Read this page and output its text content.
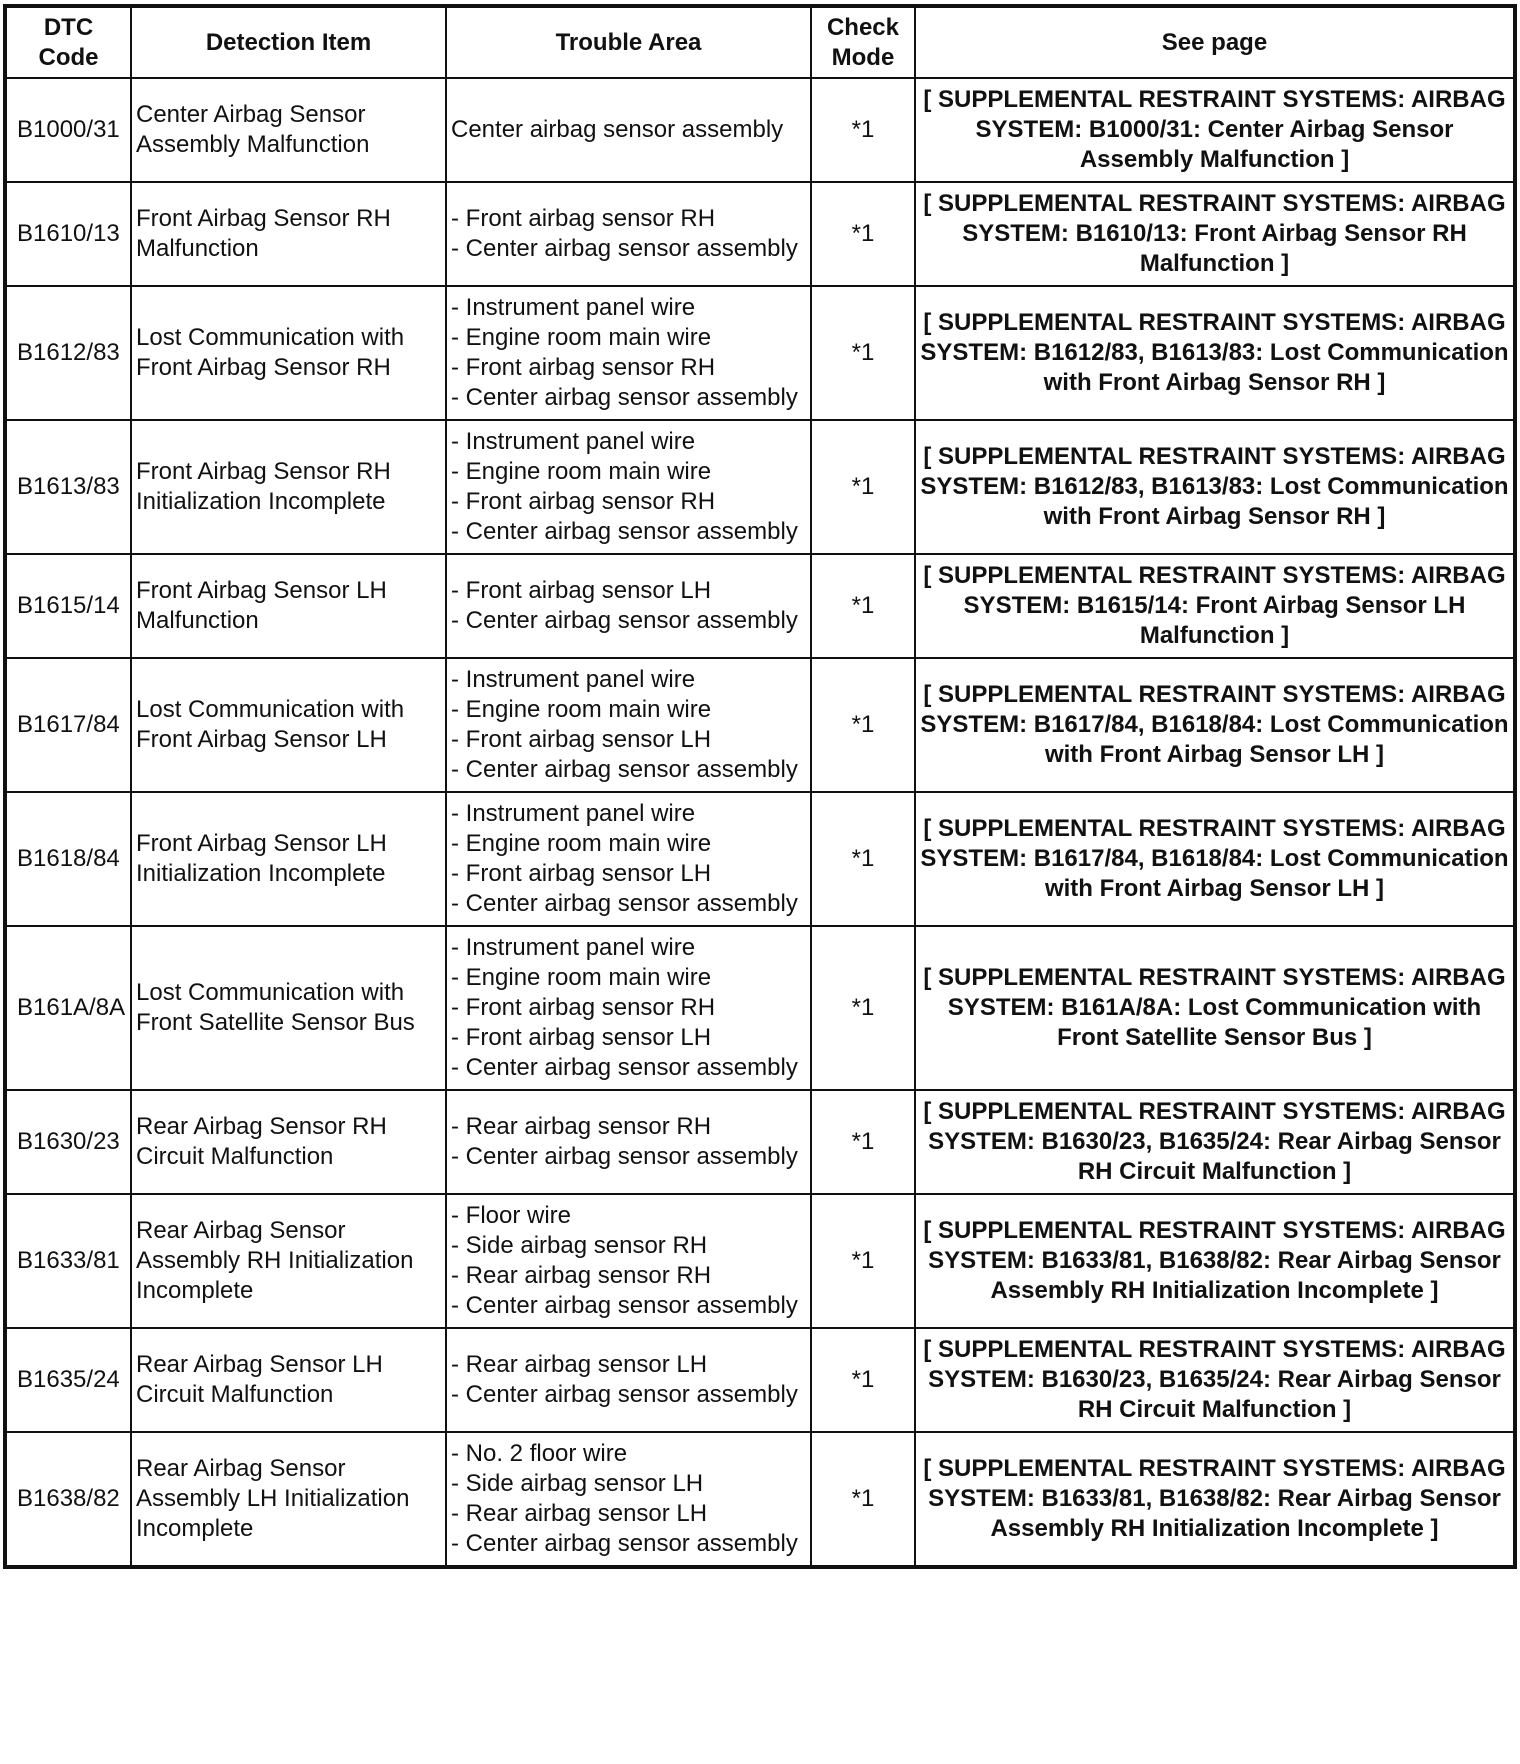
DTC Code	Detection Item	Trouble Area	Check Mode	See page
B1000/31	Center Airbag Sensor Assembly Malfunction	Center airbag sensor assembly	*1	[ SUPPLEMENTAL RESTRAINT SYSTEMS: AIRBAG SYSTEM: B1000/31: Center Airbag Sensor Assembly Malfunction ]
B1610/13	Front Airbag Sensor RH Malfunction	- Front airbag sensor RH
- Center airbag sensor assembly	*1	[ SUPPLEMENTAL RESTRAINT SYSTEMS: AIRBAG SYSTEM: B1610/13: Front Airbag Sensor RH Malfunction ]
B1612/83	Lost Communication with Front Airbag Sensor RH	- Instrument panel wire
- Engine room main wire
- Front airbag sensor RH
- Center airbag sensor assembly	*1	[ SUPPLEMENTAL RESTRAINT SYSTEMS: AIRBAG SYSTEM: B1612/83, B1613/83: Lost Communication with Front Airbag Sensor RH ]
B1613/83	Front Airbag Sensor RH Initialization Incomplete	- Instrument panel wire
- Engine room main wire
- Front airbag sensor RH
- Center airbag sensor assembly	*1	[ SUPPLEMENTAL RESTRAINT SYSTEMS: AIRBAG SYSTEM: B1612/83, B1613/83: Lost Communication with Front Airbag Sensor RH ]
B1615/14	Front Airbag Sensor LH Malfunction	- Front airbag sensor LH
- Center airbag sensor assembly	*1	[ SUPPLEMENTAL RESTRAINT SYSTEMS: AIRBAG SYSTEM: B1615/14: Front Airbag Sensor LH Malfunction ]
B1617/84	Lost Communication with Front Airbag Sensor LH	- Instrument panel wire
- Engine room main wire
- Front airbag sensor LH
- Center airbag sensor assembly	*1	[ SUPPLEMENTAL RESTRAINT SYSTEMS: AIRBAG SYSTEM: B1617/84, B1618/84: Lost Communication with Front Airbag Sensor LH ]
B1618/84	Front Airbag Sensor LH Initialization Incomplete	- Instrument panel wire
- Engine room main wire
- Front airbag sensor LH
- Center airbag sensor assembly	*1	[ SUPPLEMENTAL RESTRAINT SYSTEMS: AIRBAG SYSTEM: B1617/84, B1618/84: Lost Communication with Front Airbag Sensor LH ]
B161A/8A	Lost Communication with Front Satellite Sensor Bus	- Instrument panel wire
- Engine room main wire
- Front airbag sensor RH
- Front airbag sensor LH
- Center airbag sensor assembly	*1	[ SUPPLEMENTAL RESTRAINT SYSTEMS: AIRBAG SYSTEM: B161A/8A: Lost Communication with Front Satellite Sensor Bus ]
B1630/23	Rear Airbag Sensor RH Circuit Malfunction	- Rear airbag sensor RH
- Center airbag sensor assembly	*1	[ SUPPLEMENTAL RESTRAINT SYSTEMS: AIRBAG SYSTEM: B1630/23, B1635/24: Rear Airbag Sensor RH Circuit Malfunction ]
B1633/81	Rear Airbag Sensor Assembly RH Initialization Incomplete	- Floor wire
- Side airbag sensor RH
- Rear airbag sensor RH
- Center airbag sensor assembly	*1	[ SUPPLEMENTAL RESTRAINT SYSTEMS: AIRBAG SYSTEM: B1633/81, B1638/82: Rear Airbag Sensor Assembly RH Initialization Incomplete ]
B1635/24	Rear Airbag Sensor LH Circuit Malfunction	- Rear airbag sensor LH
- Center airbag sensor assembly	*1	[ SUPPLEMENTAL RESTRAINT SYSTEMS: AIRBAG SYSTEM: B1630/23, B1635/24: Rear Airbag Sensor RH Circuit Malfunction ]
B1638/82	Rear Airbag Sensor Assembly LH Initialization Incomplete	- No. 2 floor wire
- Side airbag sensor LH
- Rear airbag sensor LH
- Center airbag sensor assembly	*1	[ SUPPLEMENTAL RESTRAINT SYSTEMS: AIRBAG SYSTEM: B1633/81, B1638/82: Rear Airbag Sensor Assembly RH Initialization Incomplete ]
